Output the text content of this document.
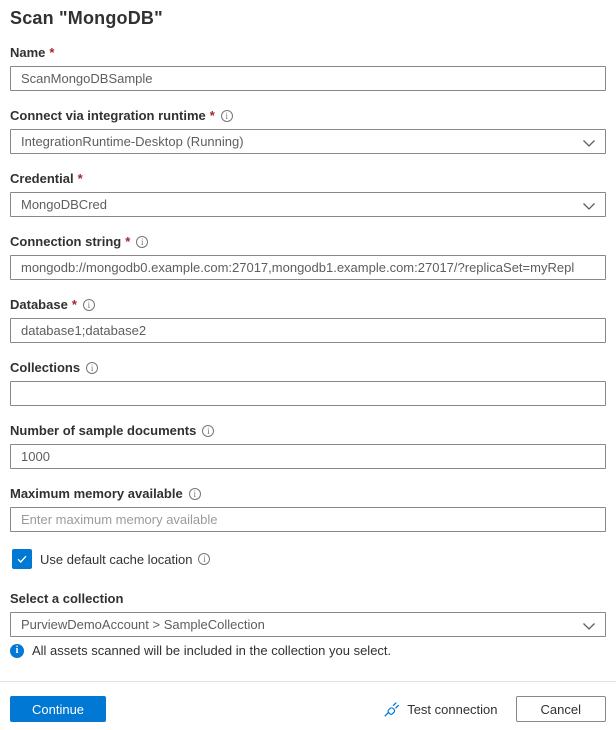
Scan "MongoDB"
Name *
ScanMongoDBSample
Connect via integration runtime *	i
IntegrationRuntime-Desktop (Running)
Credential *
MongoDBCred
Connection string *	i
mongodb://mongodb0.example.com:27017,mongodb1.example.com:27017/?replicaSet=myRepl
Database *	i
database1;database2
Collections	i
Number of sample documents	i
1000
Maximum memory available	i
Enter maximum memory available
Use default cache location	i
Select a collection
PurviewDemoAccount > SampleCollection
i	All assets scanned will be included in the collection you select.
Continue	Test connection	Cancel
